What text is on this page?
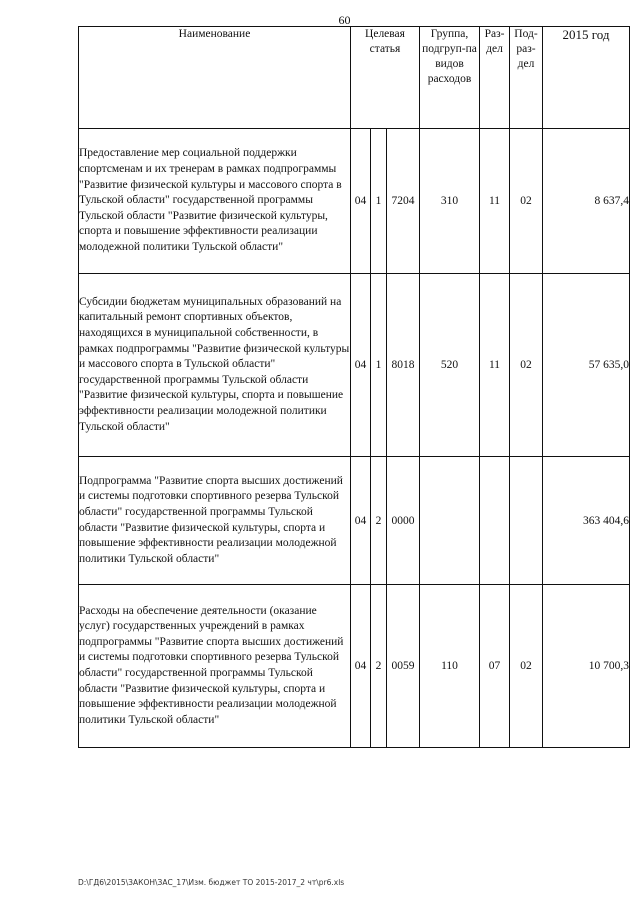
60
Наименование	Целевая статья			Группа, подгруп-па видов расходов	Раз-дел	Под-раз-дел	2015 год
Предоставление мер социальной поддержки спортсменам и их тренерам в рамках подпрограммы "Развитие физической культуры и массового спорта в Тульской области" государственной программы Тульской области "Развитие физической культуры, спорта и повышение эффективности реализации молодежной политики Тульской области"	04	1	7204	310	11	02	8 637,4
Субсидии бюджетам муниципальных образований на капитальный ремонт спортивных объектов, находящихся в муниципальной собственности, в рамках подпрограммы "Развитие физической культуры и массового спорта в Тульской области" государственной программы Тульской области "Развитие физической культуры, спорта и повышение эффективности реализации молодежной политики Тульской области"	04	1	8018	520	11	02	57 635,0
Подпрограмма "Развитие спорта высших достижений и системы подготовки спортивного резерва Тульской области" государственной программы Тульской области "Развитие физической культуры, спорта и повышение эффективности реализации молодежной политики Тульской области"	04	2	0000				363 404,6
Расходы на обеспечение деятельности (оказание услуг) государственных учреждений в рамках подпрограммы "Развитие спорта высших достижений и системы подготовки спортивного резерва Тульской области" государственной программы Тульской области "Развитие физической культуры, спорта и повышение эффективности реализации молодежной политики Тульской области"	04	2	0059	110	07	02	10 700,3
D:\ГД6\2015\ЗАКОН\ЗАС_17\Изм. бюджет ТО 2015-2017_2 чт\pr6.xls
